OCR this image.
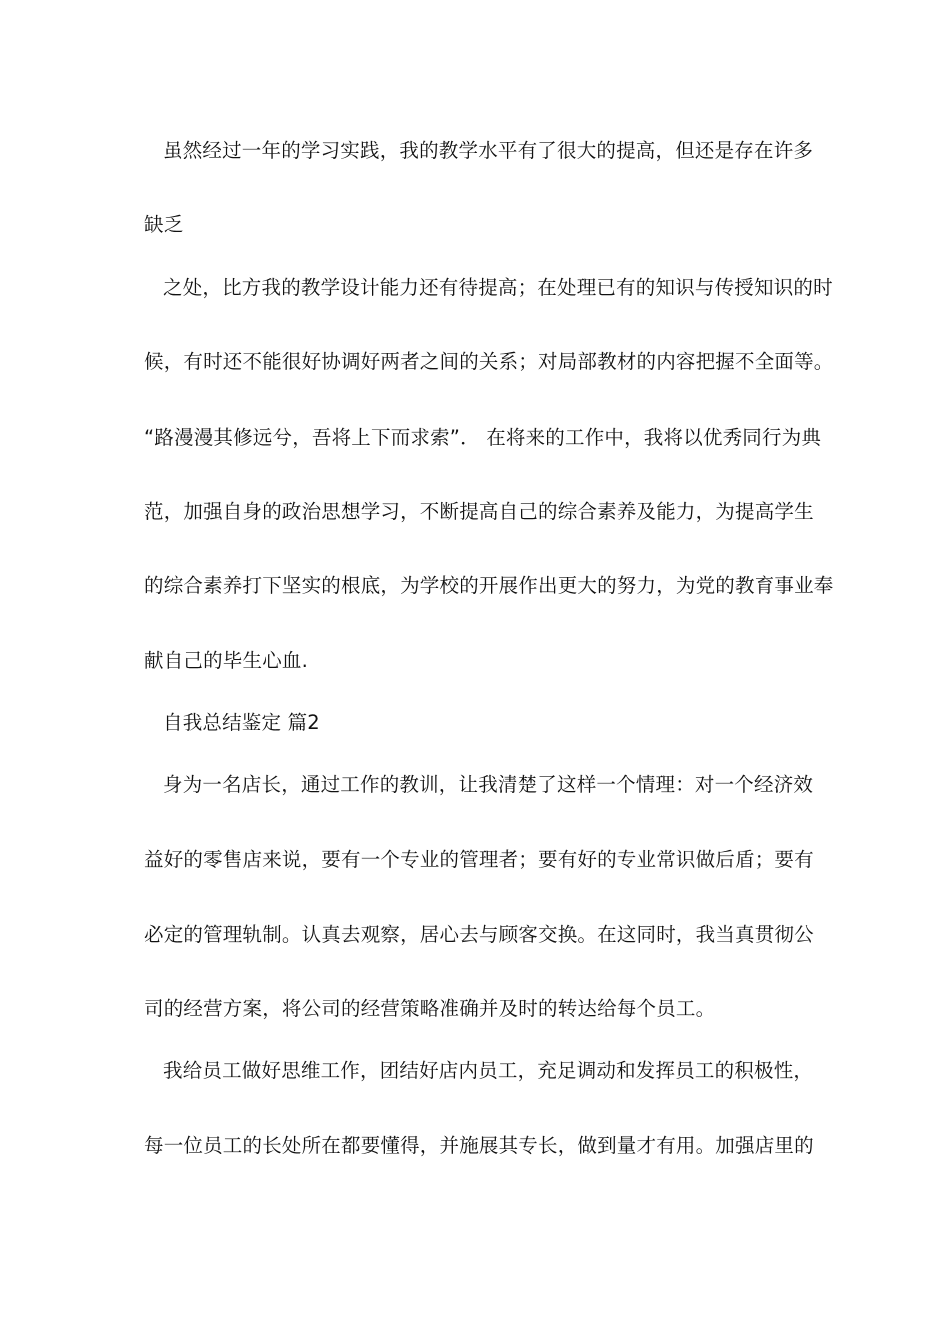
虽然经过一年的学习实践，我的教学水平有了很大的提高，但还是存在许多
缺乏
之处，比方我的教学设计能力还有待提高；在处理已有的知识与传授知识的时
候，有时还不能很好协调好两者之间的关系；对局部教材的内容把握不全面等。
“路漫漫其修远兮，吾将上下而求索”． 在将来的工作中，我将以优秀同行为典
范，加强自身的政治思想学习，不断提高自己的综合素养及能力，为提高学生
的综合素养打下坚实的根底，为学校的开展作出更大的努力，为党的教育事业奉
献自己的毕生心血.
自我总结鉴定 篇2
身为一名店长，通过工作的教训，让我清楚了这样一个情理：对一个经济效
益好的零售店来说，要有一个专业的管理者；要有好的专业常识做后盾；要有
必定的管理轨制。认真去观察，居心去与顾客交换。在这同时，我当真贯彻公
司的经营方案，将公司的经营策略准确并及时的转达给每个员工。
我给员工做好思维工作，团结好店内员工，充足调动和发挥员工的积极性，
每一位员工的长处所在都要懂得，并施展其专长，做到量才有用。加强店里的
